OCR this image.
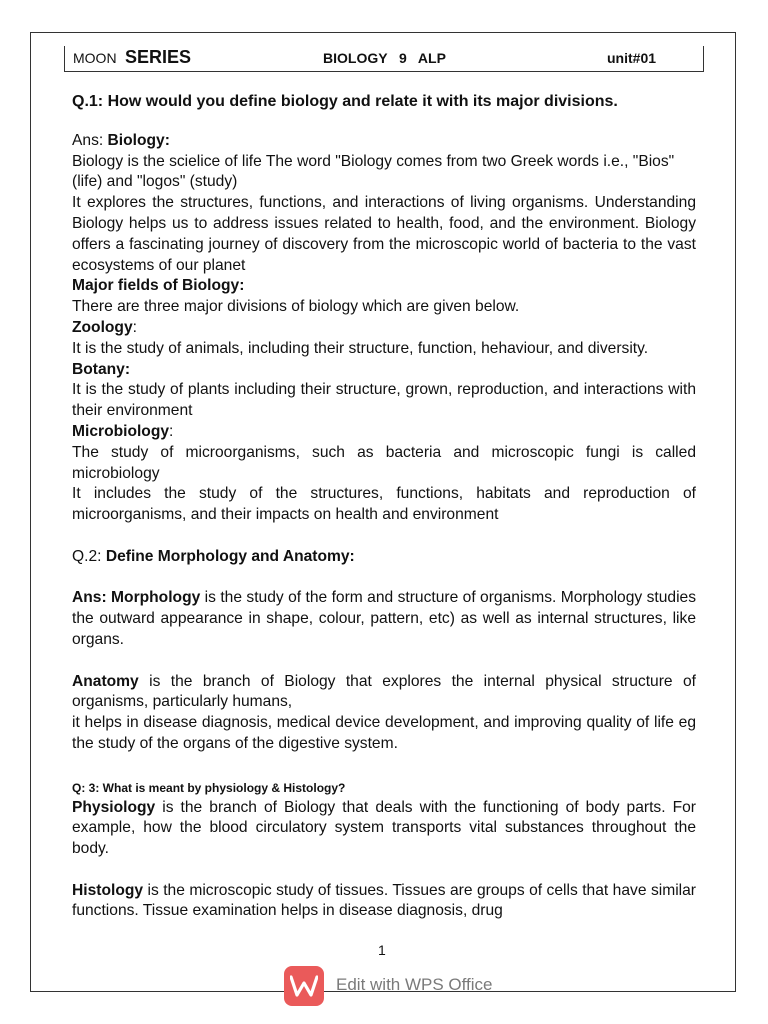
MOON SERIES	BIOLOGY   9   ALP	unit#01

Q.1: How would you define biology and relate it with its major divisions.

Ans: Biology:

Biology is the scielice of life The word "Biology comes from two Greek words i.e., "Bios" (life) and "logos" (study)

It explores the structures, functions, and interactions of living organisms. Understanding Biology helps us to address issues related to health, food, and the environment. Biology offers a fascinating journey of discovery from the microscopic world of bacteria to the vast ecosystems of our planet

Major fields of Biology:

There are three major divisions of biology which are given below.

Zoology:

It is the study of animals, including their structure, function, hehaviour, and diversity.

Botany:

It is the study of plants including their structure, grown, reproduction, and interactions with their environment

Microbiology:

The study of microorganisms, such as bacteria and microscopic fungi is called microbiology

It includes the study of the structures, functions, habitats and reproduction of microorganisms, and their impacts on health and environment

Q.2: Define Morphology and Anatomy:

Ans: Morphology is the study of the form and structure of organisms. Morphology studies the outward appearance in shape, colour, pattern, etc) as well as internal structures, like organs.

Anatomy is the branch of Biology that explores the internal physical structure of organisms, particularly humans,

it helps in disease diagnosis, medical device development, and improving quality of life eg the study of the organs of the digestive system.

Q: 3: What is meant by physiology & Histology?

Physiology is the branch of Biology that deals with the functioning of body parts. For example, how the blood circulatory system transports vital substances throughout the body.

Histology is the microscopic study of tissues. Tissues are groups of cells that have similar functions. Tissue examination helps in disease diagnosis, drug

1
Edit with WPS Office
